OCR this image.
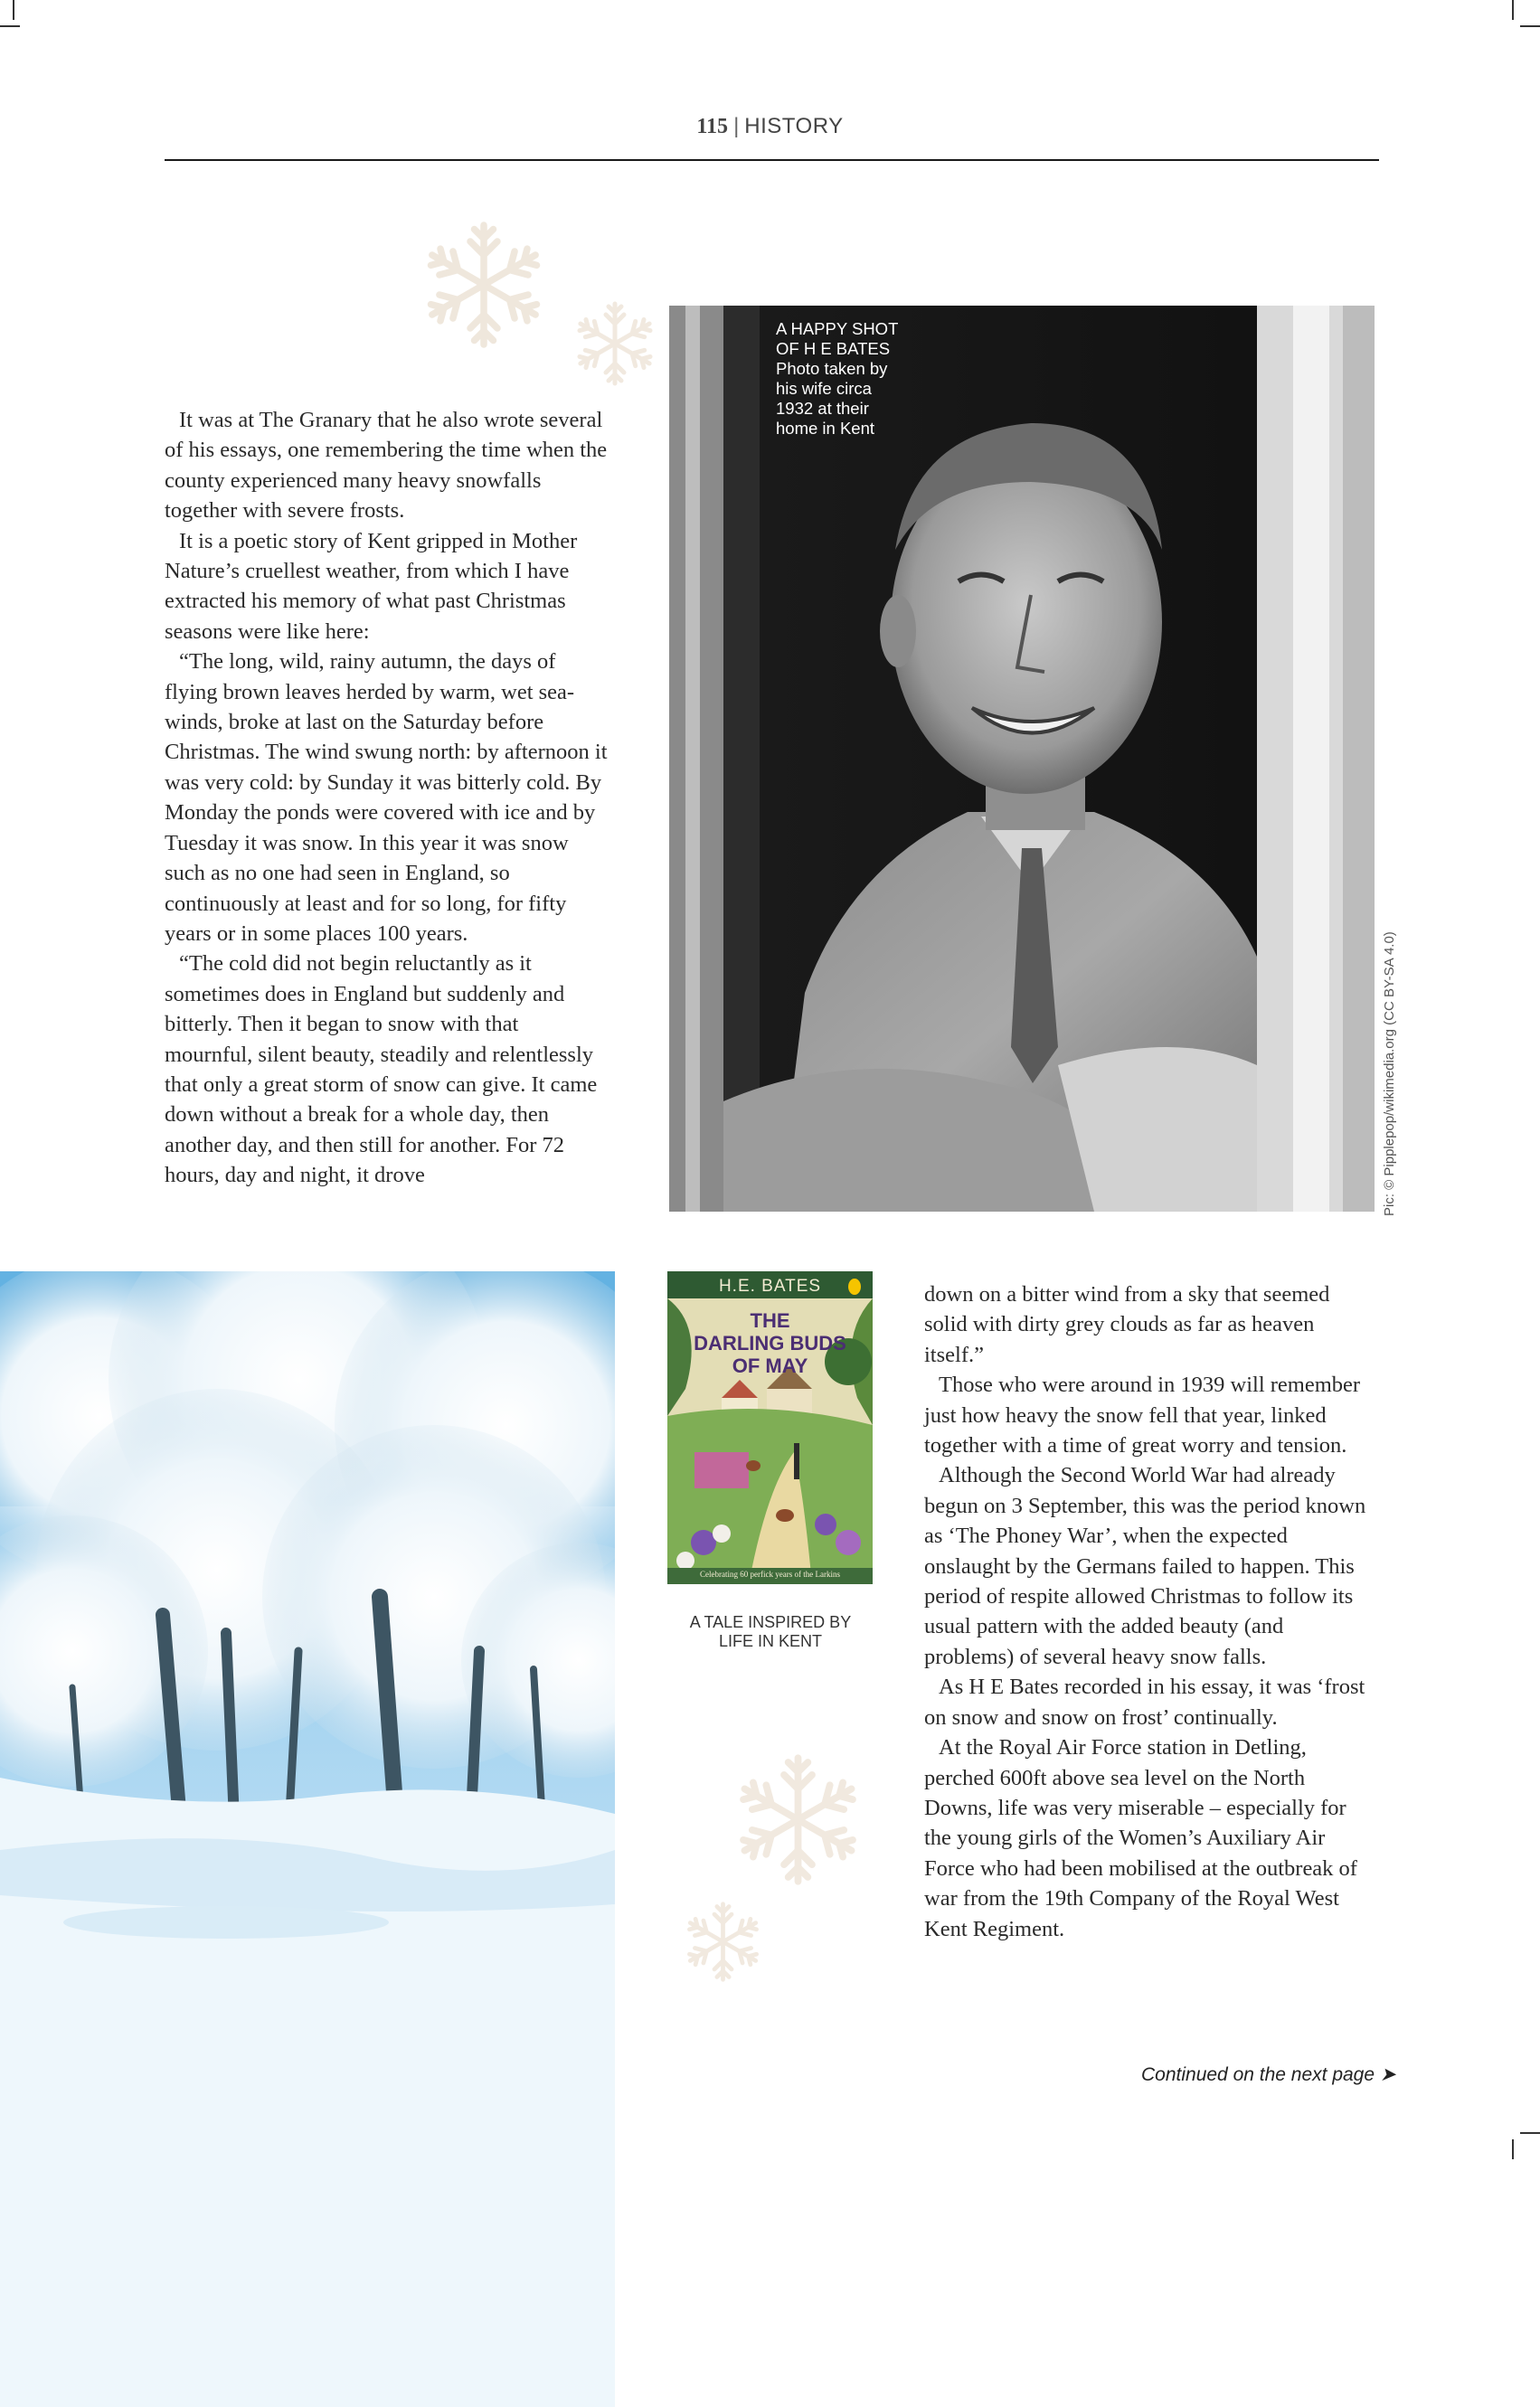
115 | HISTORY

It was at The Granary that he also wrote several of his essays, one remembering the time when the county experienced many heavy snowfalls together with severe frosts.

It is a poetic story of Kent gripped in Mother Nature’s cruellest weather, from which I have extracted his memory of what past Christmas seasons were like here:

“The long, wild, rainy autumn, the days of flying brown leaves herded by warm, wet sea-winds, broke at last on the Saturday before Christmas. The wind swung north: by afternoon it was very cold: by Sunday it was bitterly cold. By Monday the ponds were covered with ice and by Tuesday it was snow. In this year it was snow such as no one had seen in England, so continuously at least and for so long, for fifty years or in some places 100 years.

“The cold did not begin reluctantly as it sometimes does in England but suddenly and bitterly. Then it began to snow with that mournful, silent beauty, steadily and relentlessly that only a great storm of snow can give. It came down without a break for a whole day, then another day, and then still for another. For 72 hours, day and night, it drove

A HAPPY SHOT
OF H E BATES
Photo taken by
his wife circa
1932 at their
home in Kent
Pic: © Pipplepop/wikimedia.org (CC BY-SA 4.0)
H.E. BATES
THE
DARLING BUDS
OF MAY
Celebrating 60 perfick years of the Larkins
A TALE INSPIRED BY
LIFE IN KENT

down on a bitter wind from a sky that seemed solid with dirty grey clouds as far as heaven itself.”

Those who were around in 1939 will remember just how heavy the snow fell that year, linked together with a time of great worry and tension.

Although the Second World War had already begun on 3 September, this was the period known as ‘The Phoney War’, when the expected onslaught by the Germans failed to happen. This period of respite allowed Christmas to follow its usual pattern with the added beauty (and problems) of several heavy snow falls.

As H E Bates recorded in his essay, it was ‘frost on snow and snow on frost’ continually.

At the Royal Air Force station in Detling, perched 600ft above sea level on the North Downs, life was very miserable – especially for the young girls of the Women’s Auxiliary Air Force who had been mobilised at the outbreak of war from the 19th Company of the Royal West Kent Regiment.

Continued on the next page ➤
